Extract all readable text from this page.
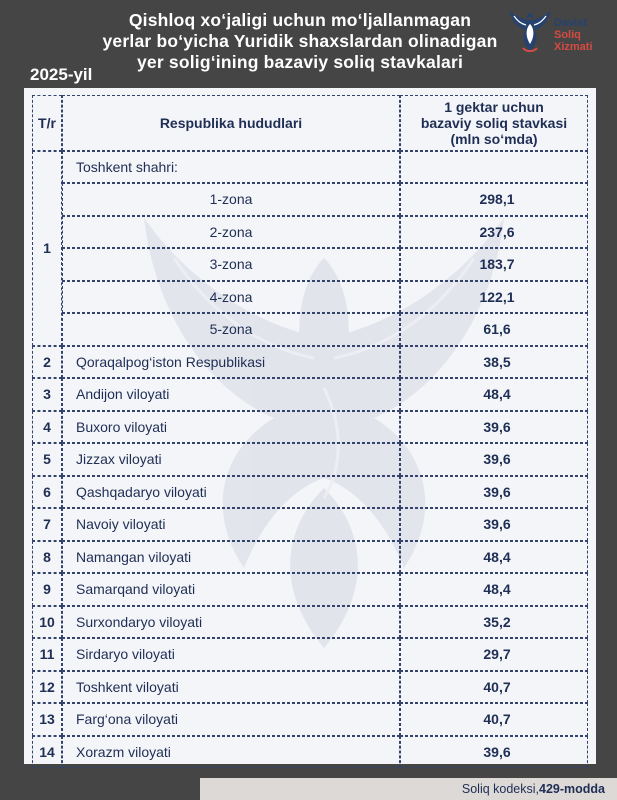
Qishloq xo‘jaligi uchun mo‘ljallanmagan
yerlar bo‘yicha Yuridik shaxslardan olinadigan
yer solig‘ining bazaviy soliq stavkalari
2025-yil
Davlat
Soliq
Xizmati
T/r	Respublika hududlari	1 gektar uchun
bazaviy soliq stavkasi
(mln so‘mda)

1	Toshkent shahri:	
	1-zona	298,1
	2-zona	237,6
	3-zona	183,7
	4-zona	122,1
	5-zona	61,6
2	Qoraqalpog‘iston Respublikasi	38,5
3	Andijon viloyati	48,4
4	Buxoro viloyati	39,6
5	Jizzax viloyati	39,6
6	Qashqadaryo viloyati	39,6
7	Navoiy viloyati	39,6
8	Namangan viloyati	48,4
9	Samarqand viloyati	48,4
10	Surxondaryo viloyati	35,2
11	Sirdaryo viloyati	29,7
12	Toshkent viloyati	40,7
13	Farg‘ona viloyati	40,7
14	Xorazm viloyati	39,6
Soliq kodeksi,429-modda
